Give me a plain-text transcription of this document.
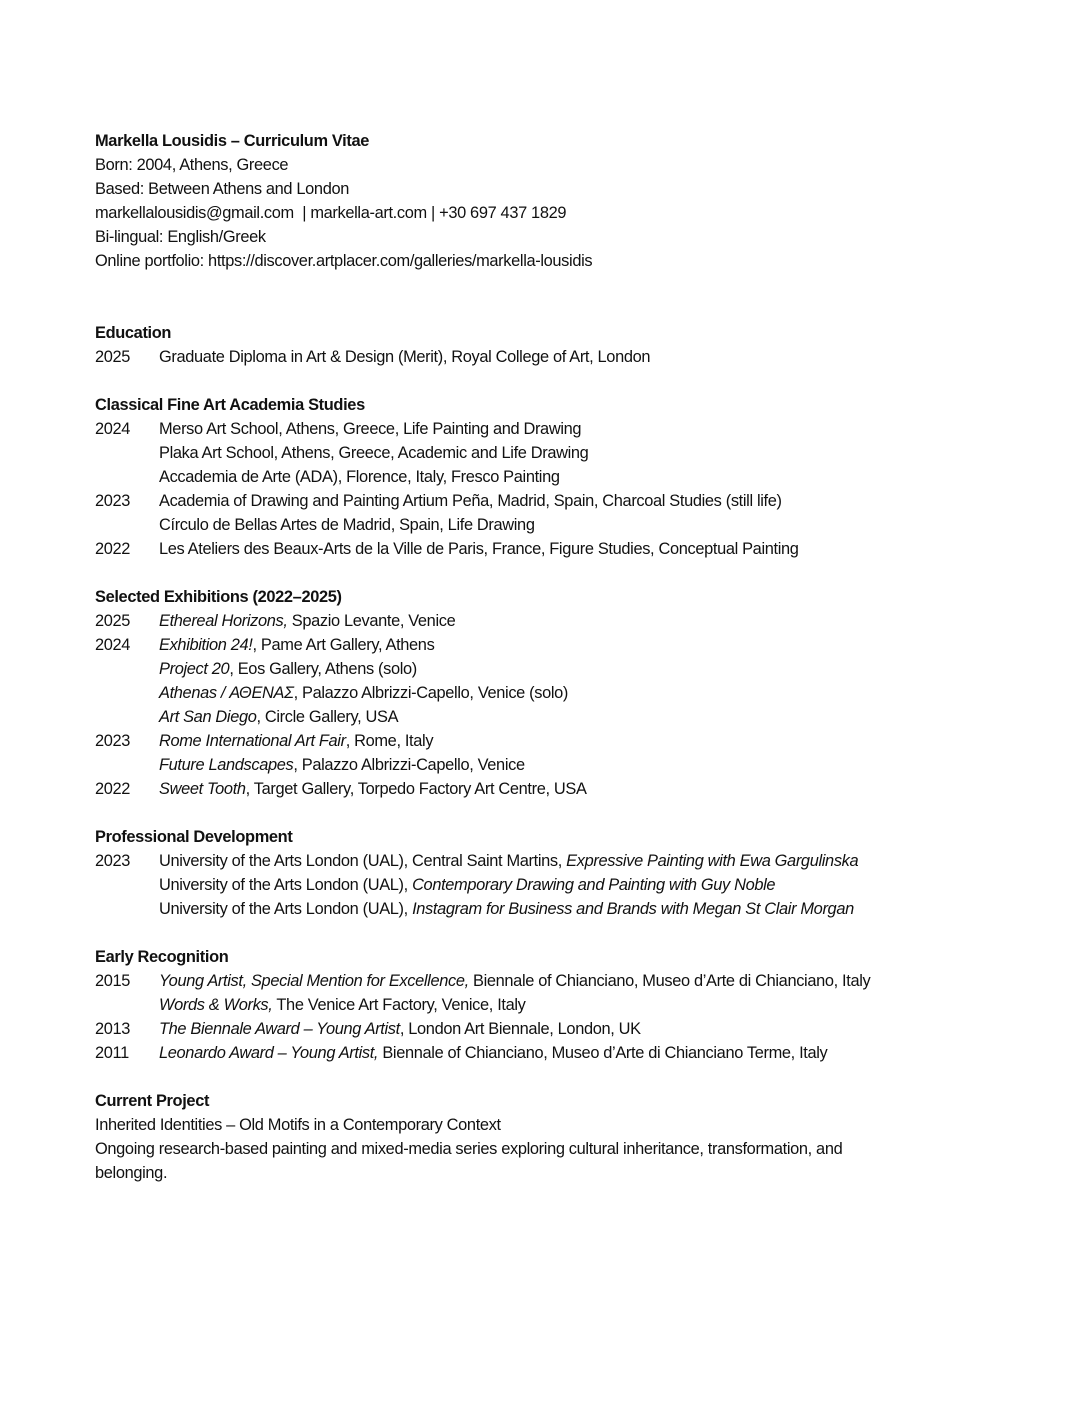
Markella Lousidis – Curriculum Vitae
Born: 2004, Athens, Greece
Based: Between Athens and London
markellalousidis@gmail.com  | markella-art.com | +30 697 437 1829
Bi-lingual: English/Greek
Online portfolio: https://discover.artplacer.com/galleries/markella-lousidis
Education
2025	Graduate Diploma in Art & Design (Merit), Royal College of Art, London
Classical Fine Art Academia Studies
2024	Merso Art School, Athens, Greece, Life Painting and Drawing
Plaka Art School, Athens, Greece, Academic and Life Drawing
Accademia de Arte (ADA), Florence, Italy, Fresco Painting
2023	Academia of Drawing and Painting Artium Peña, Madrid, Spain, Charcoal Studies (still life)
Círculo de Bellas Artes de Madrid, Spain, Life Drawing
2022	Les Ateliers des Beaux-Arts de la Ville de Paris, France, Figure Studies, Conceptual Painting
Selected Exhibitions (2022–2025)
2025	Ethereal Horizons, Spazio Levante, Venice
2024	Exhibition 24!, Pame Art Gallery, Athens
Project 20, Eos Gallery, Athens (solo)
Athenas / ΑΘΕΝΑΣ, Palazzo Albrizzi-Capello, Venice (solo)
Art San Diego, Circle Gallery, USA
2023	Rome International Art Fair, Rome, Italy
Future Landscapes, Palazzo Albrizzi-Capello, Venice
2022	Sweet Tooth, Target Gallery, Torpedo Factory Art Centre, USA
Professional Development
2023	University of the Arts London (UAL), Central Saint Martins, Expressive Painting with Ewa Gargulinska
University of the Arts London (UAL), Contemporary Drawing and Painting with Guy Noble
University of the Arts London (UAL), Instagram for Business and Brands with Megan St Clair Morgan
Early Recognition
2015	Young Artist, Special Mention for Excellence, Biennale of Chianciano, Museo d’Arte di Chianciano, Italy
Words & Works, The Venice Art Factory, Venice, Italy
2013	The Biennale Award – Young Artist, London Art Biennale, London, UK
2011	Leonardo Award – Young Artist, Biennale of Chianciano, Museo d’Arte di Chianciano Terme, Italy
Current Project
Inherited Identities – Old Motifs in a Contemporary Context
Ongoing research-based painting and mixed-media series exploring cultural inheritance, transformation, and
belonging.
